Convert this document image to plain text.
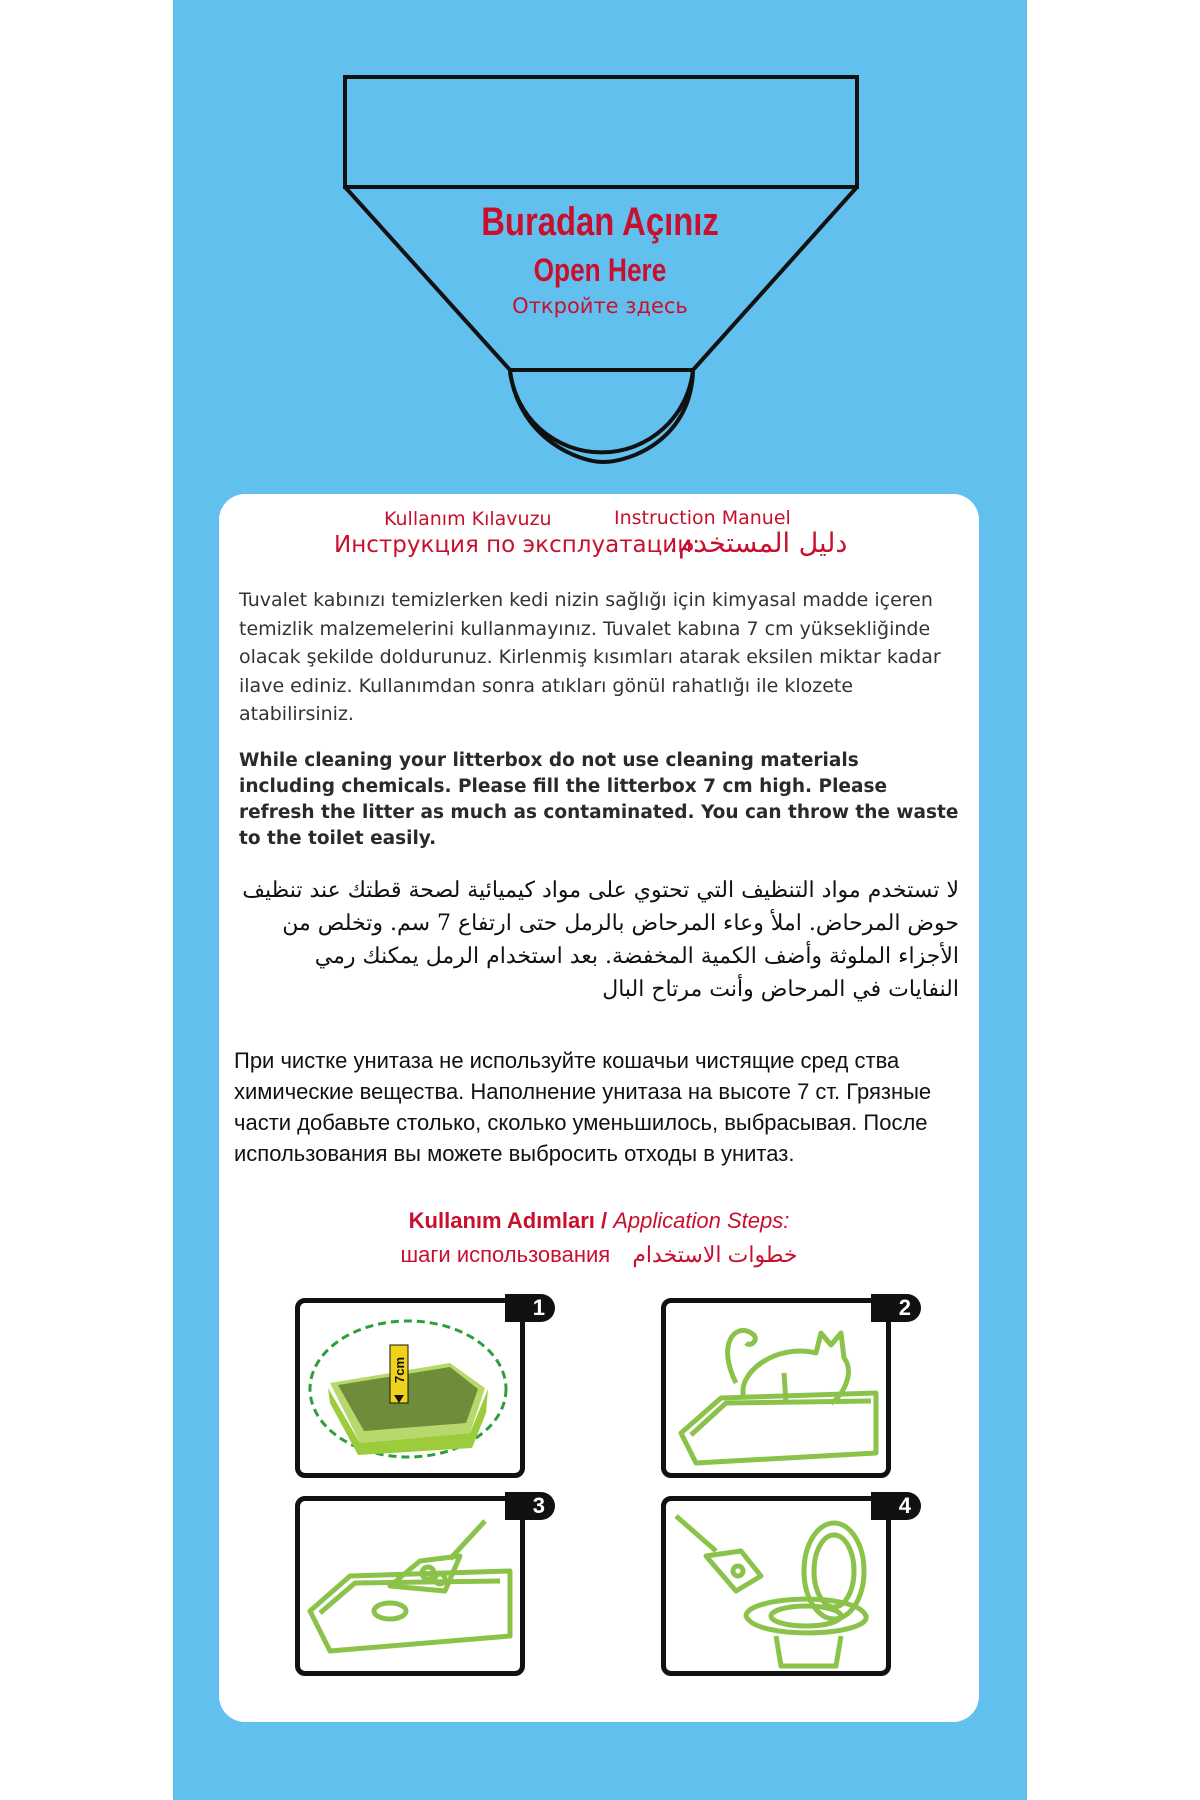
Buradan Açınız
Open Here
Откройте здесь
Kullanım Kılavuzu	Instruction Manuel
Инструкция по эксплуатации:
دليل المستخدم:
Tuvalet kabınızı temizlerken kedi nizin sağlığı için kimyasal madde içeren temizlik malzemelerini kullanmayınız. Tuvalet kabına 7 cm yüksekliğinde olacak şekilde doldurunuz. Kirlenmiş kısımları atarak eksilen miktar kadar ilave ediniz. Kullanımdan sonra atıkları gönül rahatlığı ile klozete atabilirsiniz.
While cleaning your litterbox do not use cleaning materials including chemicals. Please fill the litterbox 7 cm high. Please refresh the litter as much as contaminated. You can throw the waste to the toilet easily.
لا تستخدم مواد التنظيف التي تحتوي على مواد كيميائية لصحة قطتك عند تنظيف حوض المرحاض. املأ وعاء المرحاض بالرمل حتى ارتفاع 7 سم. وتخلص من الأجزاء الملوثة وأضف الكمية المخفضة. بعد استخدام الرمل يمكنك رمي النفايات في المرحاض وأنت مرتاح البال
При чистке унитаза не используйте кошачьи чистящие сред ства химические вещества. Наполнение унитаза на высоте 7 ст. Грязные части добавьте столько, сколько уменьшилось, выбрасывая. После использования вы можете выбросить отходы в унитаз.
Kullanım Adımları / Application Steps:
шаги использования خطوات الاستخدام
7cm
1	2
3	4
